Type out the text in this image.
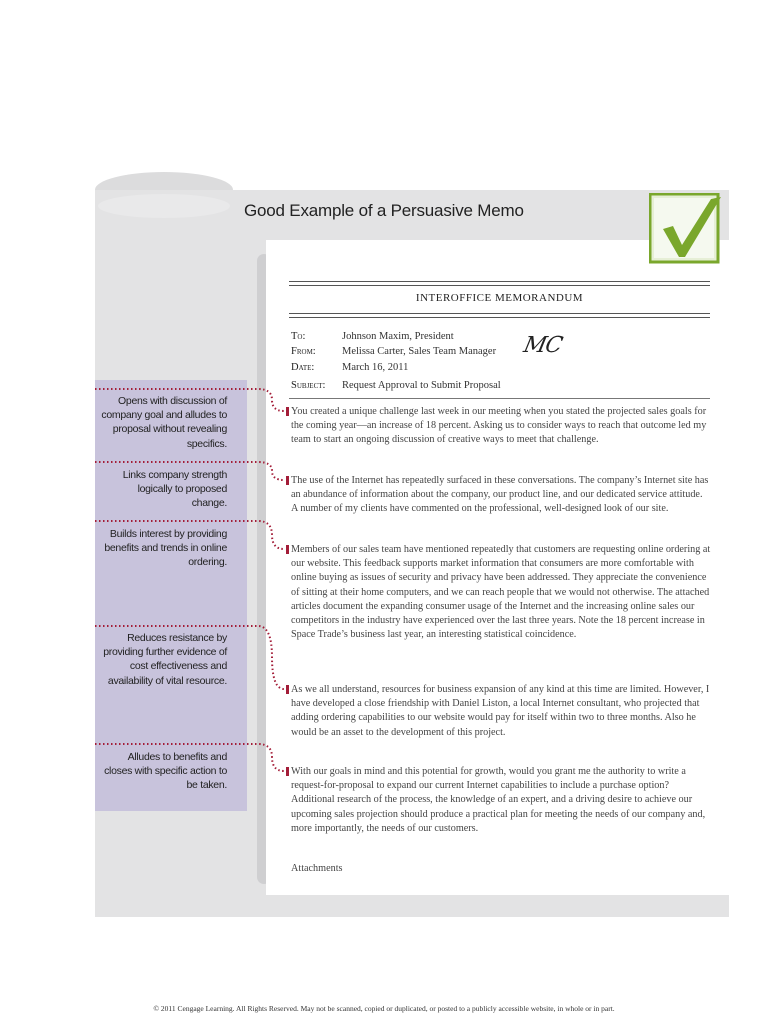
Good Example of a Persuasive Memo
Opens with discussion of company goal and alludes to proposal without revealing specifics.
Links company strength logically to proposed change.
Builds interest by providing benefits and trends in online ordering.
Reduces resistance by providing further evidence of cost effectiveness and availability of vital resource.
Alludes to benefits and closes with specific action to be taken.
INTEROFFICE MEMORANDUM
To:	Johnson Maxim, President
From:	Melissa Carter, Sales Team Manager MC
Date:	March 16, 2011
Subject: Request Approval to Submit Proposal
You created a unique challenge last week in our meeting when you stated the projected sales goals for the coming year—an increase of 18 percent. Asking us to consider ways to reach that outcome led my team to start an ongoing discussion of creative ways to meet that challenge.
The use of the Internet has repeatedly surfaced in these conversations. The company’s Internet site has an abundance of information about the company, our product line, and our dedicated service attitude. A number of my clients have commented on the professional, well-designed look of our site.
Members of our sales team have mentioned repeatedly that customers are requesting online ordering at our website. This feedback supports market information that consumers are more comfortable with online buying as issues of security and privacy have been addressed. They appreciate the convenience of sitting at their home computers, and we can reach people that we would not otherwise. The attached articles document the expanding consumer usage of the Internet and the increasing online sales our competitors in the industry have experienced over the last three years. Note the 18 percent increase in Space Trade’s business last year, an interesting statistical coincidence.
As we all understand, resources for business expansion of any kind at this time are limited. However, I have developed a close friendship with Daniel Liston, a local Internet consultant, who projected that adding ordering capabilities to our website would pay for itself within two to three months. Also he would be an asset to the development of this project.
With our goals in mind and this potential for growth, would you grant me the authority to write a request-for-proposal to expand our current Internet capabilities to include a purchase option? Additional research of the process, the knowledge of an expert, and a driving desire to achieve our upcoming sales projection should produce a practical plan for meeting the needs of our company and, more importantly, the needs of our customers.
Attachments
© 2011 Cengage Learning. All Rights Reserved. May not be scanned, copied or duplicated, or posted to a publicly accessible website, in whole or in part.
